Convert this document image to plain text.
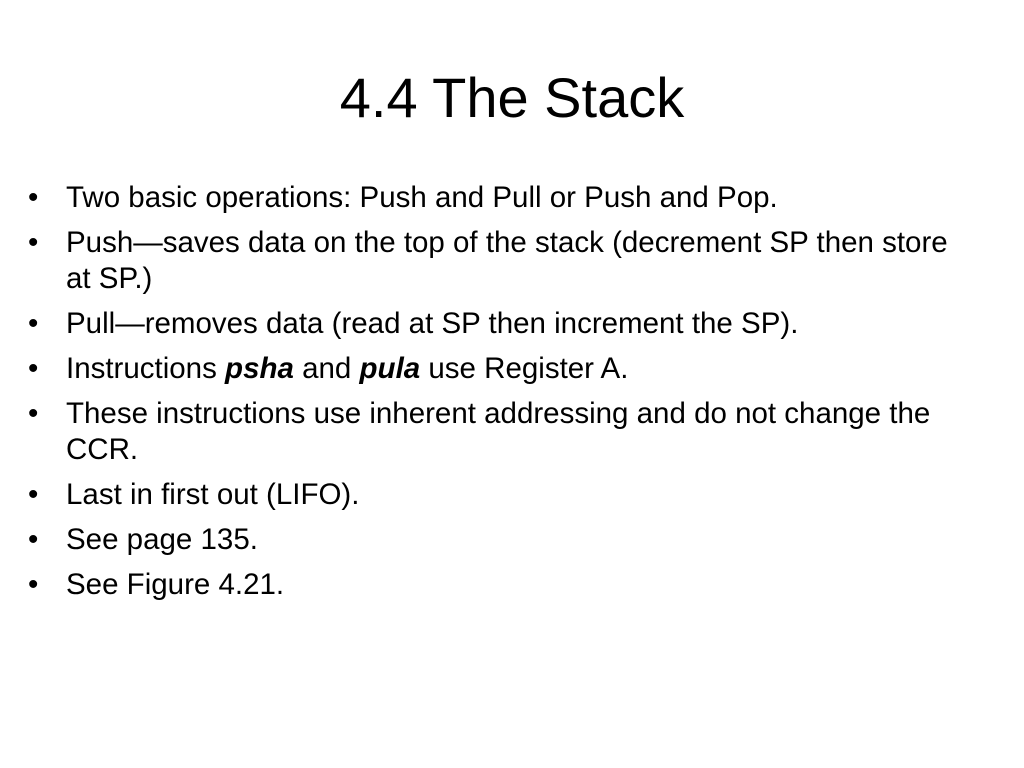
4.4 The Stack
• Two basic operations: Push and Pull or Push and Pop.
• Push—saves data on the top of the stack (decrement SP then store at SP.)
• Pull—removes data (read at SP then increment the SP).
• Instructions psha and pula use Register A.
• These instructions use inherent addressing and do not change the CCR.
• Last in first out (LIFO).
• See page 135.
• See Figure 4.21.
